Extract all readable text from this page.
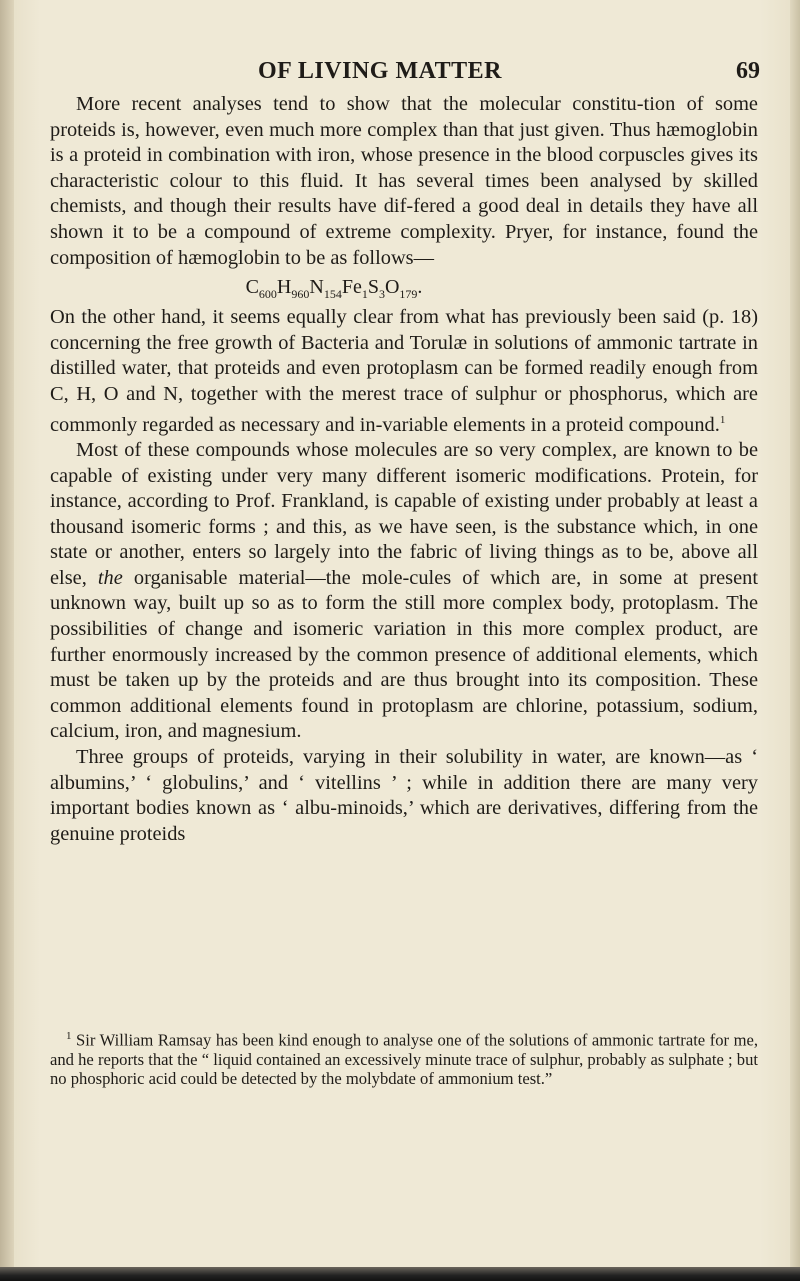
OF LIVING MATTER	69

More recent analyses tend to show that the molecular constitu-tion of some proteids is, however, even much more complex than that just given. Thus hæmoglobin is a proteid in combination with iron, whose presence in the blood corpuscles gives its characteristic colour to this fluid. It has several times been analysed by skilled chemists, and though their results have dif-fered a good deal in details they have all shown it to be a compound of extreme complexity. Pryer, for instance, found the composition of hæmoglobin to be as follows—

$C_{600}H_{960}N_{154}Fe_1S_3O_{179}$.

On the other hand, it seems equally clear from what has previously been said (p. 18) concerning the free growth of Bacteria and Torulæ in solutions of ammonic tartrate in distilled water, that proteids and even protoplasm can be formed readily enough from C, H, O and N, together with the merest trace of sulphur or phosphorus, which are commonly regarded as necessary and in-variable elements in a proteid compound.$^1$

Most of these compounds whose molecules are so very complex, are known to be capable of existing under very many different isomeric modifications. Protein, for instance, according to Prof. Frankland, is capable of existing under probably at least a thousand isomeric forms ; and this, as we have seen, is the substance which, in one state or another, enters so largely into the fabric of living things as to be, above all else, the organisable material—the mole-cules of which are, in some at present unknown way, built up so as to form the still more complex body, protoplasm. The possibilities of change and isomeric variation in this more complex product, are further enormously increased by the common presence of additional elements, which must be taken up by the proteids and are thus brought into its composition. These common additional elements found in protoplasm are chlorine, potassium, sodium, calcium, iron, and magnesium.

Three groups of proteids, varying in their solubility in water, are known—as ‘ albumins,’ ‘ globulins,’ and ‘ vitellins ’ ; while in addition there are many very important bodies known as ‘ albu-minoids,’ which are derivatives, differing from the genuine proteids

$^1$ Sir William Ramsay has been kind enough to analyse one of the solutions of ammonic tartrate for me, and he reports that the “ liquid contained an excessively minute trace of sulphur, probably as sulphate ; but no phosphoric acid could be detected by the molybdate of ammonium test.”
